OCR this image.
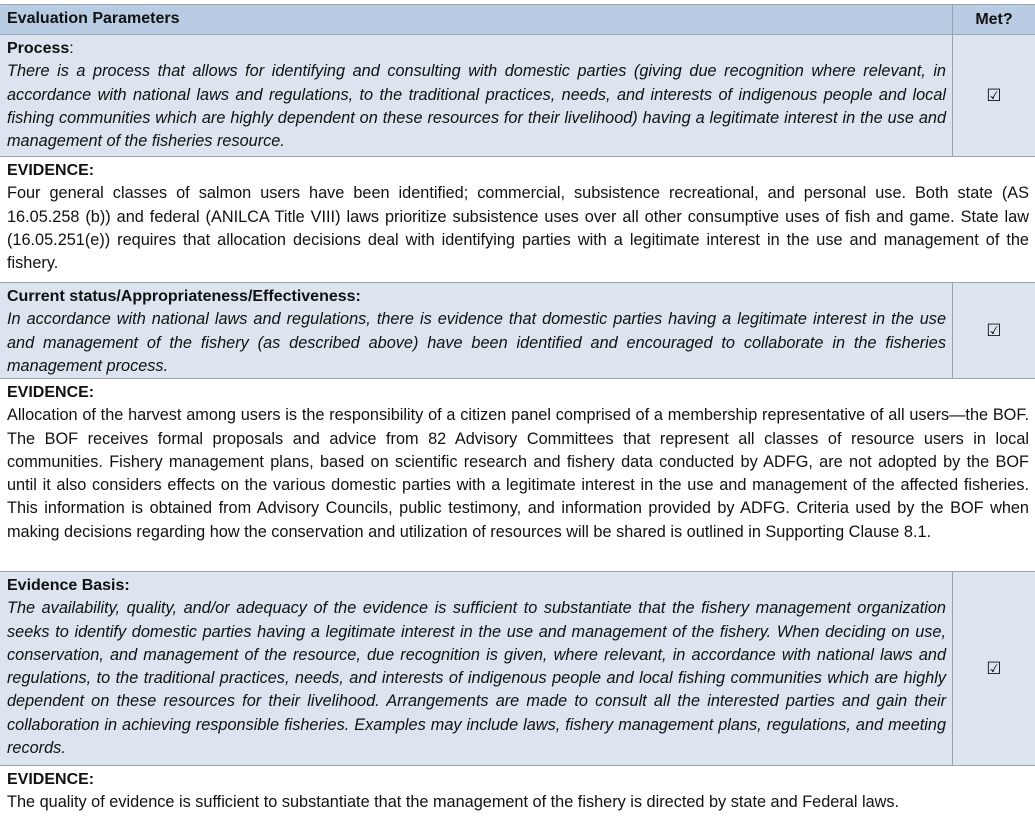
Evaluation Parameters	Met?
Process:
There is a process that allows for identifying and consulting with domestic parties (giving due recognition where relevant, in accordance with national laws and regulations, to the traditional practices, needs, and interests of indigenous people and local fishing communities which are highly dependent on these resources for their livelihood) having a legitimate interest in the use and management of the fisheries resource.
☑
EVIDENCE:
Four general classes of salmon users have been identified; commercial, subsistence recreational, and personal use. Both state (AS 16.05.258 (b)) and federal (ANILCA Title VIII) laws prioritize subsistence uses over all other consumptive uses of fish and game. State law (16.05.251(e)) requires that allocation decisions deal with identifying parties with a legitimate interest in the use and management of the fishery.
Current status/Appropriateness/Effectiveness:
In accordance with national laws and regulations, there is evidence that domestic parties having a legitimate interest in the use and management of the fishery (as described above) have been identified and encouraged to collaborate in the fisheries management process.
☑
EVIDENCE:
Allocation of the harvest among users is the responsibility of a citizen panel comprised of a membership representative of all users—the BOF. The BOF receives formal proposals and advice from 82 Advisory Committees that represent all classes of resource users in local communities. Fishery management plans, based on scientific research and fishery data conducted by ADFG, are not adopted by the BOF until it also considers effects on the various domestic parties with a legitimate interest in the use and management of the affected fisheries. This information is obtained from Advisory Councils, public testimony, and information provided by ADFG. Criteria used by the BOF when making decisions regarding how the conservation and utilization of resources will be shared is outlined in Supporting Clause 8.1.
Evidence Basis:
The availability, quality, and/or adequacy of the evidence is sufficient to substantiate that the fishery management organization seeks to identify domestic parties having a legitimate interest in the use and management of the fishery. When deciding on use, conservation, and management of the resource, due recognition is given, where relevant, in accordance with national laws and regulations, to the traditional practices, needs, and interests of indigenous people and local fishing communities which are highly dependent on these resources for their livelihood. Arrangements are made to consult all the interested parties and gain their collaboration in achieving responsible fisheries. Examples may include laws, fishery management plans, regulations, and meeting records.
☑
EVIDENCE:
The quality of evidence is sufficient to substantiate that the management of the fishery is directed by state and Federal laws.
